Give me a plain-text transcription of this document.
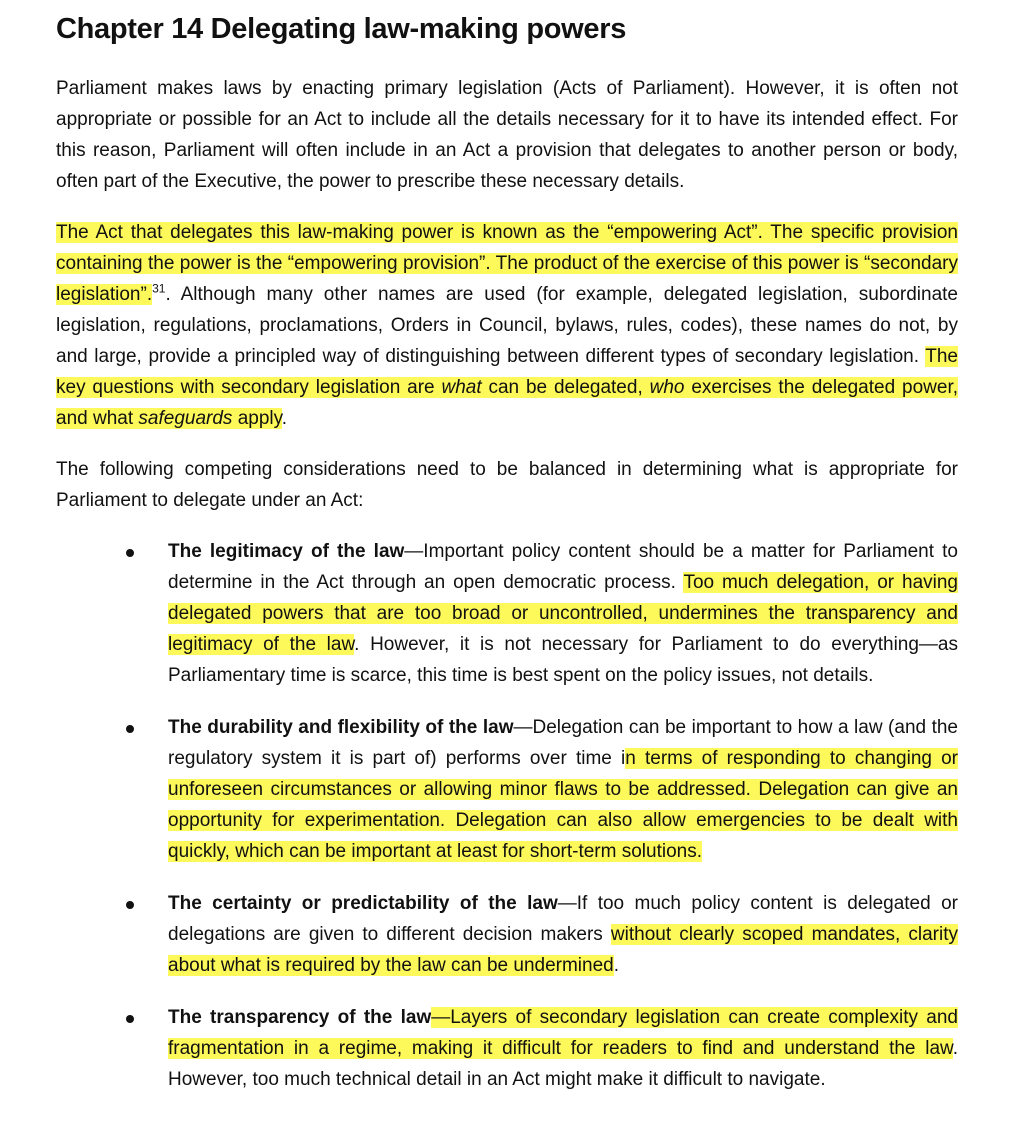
Chapter 14 Delegating law-making powers

Parliament makes laws by enacting primary legislation (Acts of Parliament). However, it is often not appropriate or possible for an Act to include all the details necessary for it to have its intended effect. For this reason, Parliament will often include in an Act a provision that delegates to another person or body, often part of the Executive, the power to prescribe these necessary details.

The Act that delegates this law-making power is known as the “empowering Act”. The specific provision containing the power is the “empowering provision”. The product of the exercise of this power is “secondary legislation”.$^{31}$. Although many other names are used (for example, delegated legislation, subordinate legislation, regulations, proclamations, Orders in Council, bylaws, rules, codes), these names do not, by and large, provide a principled way of distinguishing between different types of secondary legislation. The key questions with secondary legislation are what can be delegated, who exercises the delegated power, and what safeguards apply.

The following competing considerations need to be balanced in determining what is appropriate for Parliament to delegate under an Act:

The legitimacy of the law—Important policy content should be a matter for Parliament to determine in the Act through an open democratic process. Too much delegation, or having delegated powers that are too broad or uncontrolled, undermines the transparency and legitimacy of the law. However, it is not necessary for Parliament to do everything—as Parliamentary time is scarce, this time is best spent on the policy issues, not details.

The durability and flexibility of the law—Delegation can be important to how a law (and the regulatory system it is part of) performs over time in terms of responding to changing or unforeseen circumstances or allowing minor flaws to be addressed. Delegation can give an opportunity for experimentation. Delegation can also allow emergencies to be dealt with quickly, which can be important at least for short-term solutions.

The certainty or predictability of the law—If too much policy content is delegated or delegations are given to different decision makers without clearly scoped mandates, clarity about what is required by the law can be undermined.

The transparency of the law—Layers of secondary legislation can create complexity and fragmentation in a regime, making it difficult for readers to find and understand the law. However, too much technical detail in an Act might make it difficult to navigate.
